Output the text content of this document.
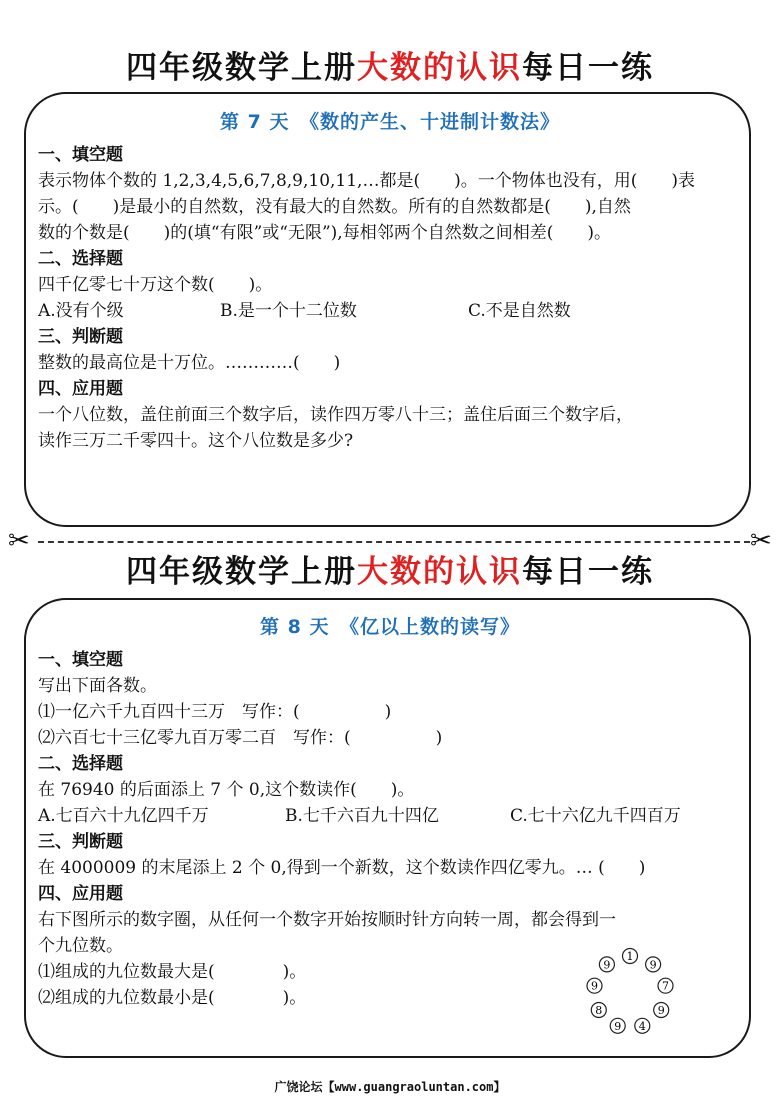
四年级数学上册大数的认识每日一练
第 7 天　《数的产生、十进制计数法》
一、填空题
表示物体个数的 1,2,3,4,5,6,7,8,9,10,11,…都是(　　)。一个物体也没有，用(　　)表
示。(　　)是最小的自然数，没有最大的自然数。所有的自然数都是(　　),自然
数的个数是(　　)的(填“有限”或“无限”),每相邻两个自然数之间相差(　　)。
二、选择题
四千亿零七十万这个数(　　)。
A.没有个级	B.是一个十二位数	C.不是自然数
三、判断题
整数的最高位是十万位。…………(　　)
四、应用题
一个八位数，盖住前面三个数字后，读作四万零八十三；盖住后面三个数字后，
读作三万二千零四十。这个八位数是多少?
✂	✂
四年级数学上册大数的认识每日一练
第 8 天　《亿以上数的读写》
一、填空题
写出下面各数。
⑴一亿六千九百四十三万　写作：(　　　　　)
⑵六百七十三亿零九百万零二百　写作：(　　　　　)
二、选择题
在 76940 的后面添上 7 个 0,这个数读作(　　)。
A.七百六十九亿四千万	B.七千六百九十四亿	C.七十六亿九千四百万
三、判断题
在 4000009 的末尾添上 2 个 0,得到一个新数，这个数读作四亿零九。… (　　)
四、应用题
右下图所示的数字圈，从任何一个数字开始按顺时针方向转一周，都会得到一
个九位数。
⑴组成的九位数最大是(　　　　)。
⑵组成的九位数最小是(　　　　)。
1
9
7
9
4
9
8
9
9
广饶论坛【www.guangraoluntan.com】
